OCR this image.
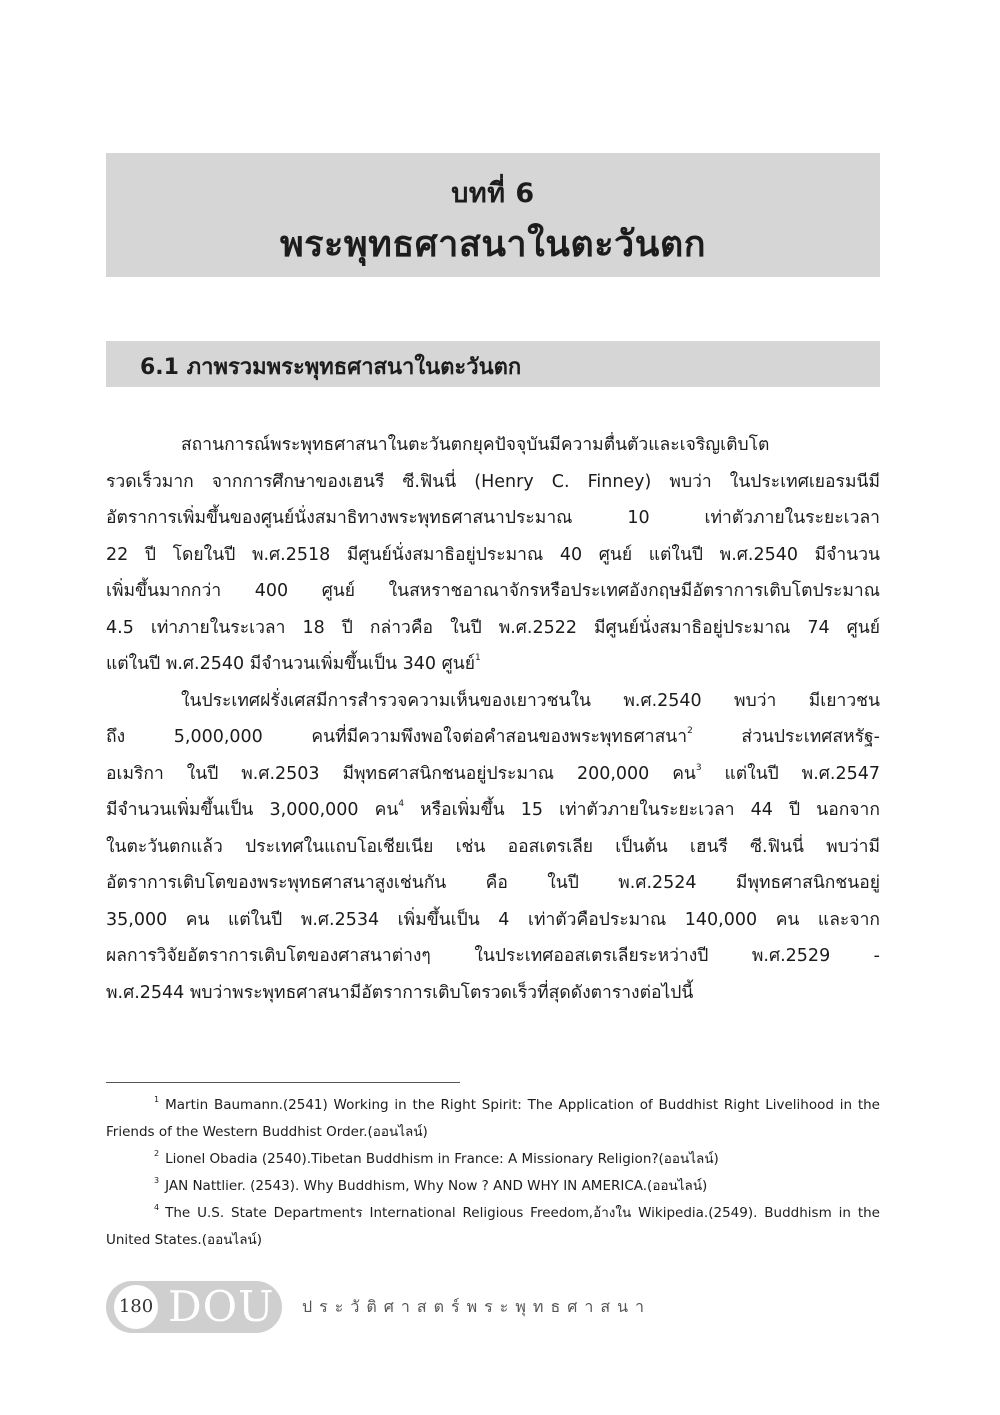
บทที่ 6
พระพุทธศาสนาในตะวันตก
6.1 ภาพรวมพระพุทธศาสนาในตะวันตก
สถานการณ์พระพุทธศาสนาในตะวันตกยุคปัจจุบันมีความตื่นตัวและเจริญเติบโต
รวดเร็วมาก จากการศึกษาของเฮนรี ซี.ฟินนี่ (Henry C. Finney) พบว่า ในประเทศเยอรมนีมี
อัตราการเพิ่มขึ้นของศูนย์นั่งสมาธิทางพระพุทธศาสนาประมาณ 10 เท่าตัวภายในระยะเวลา
22 ปี โดยในปี พ.ศ.2518 มีศูนย์นั่งสมาธิอยู่ประมาณ 40 ศูนย์ แต่ในปี พ.ศ.2540 มีจำนวน
เพิ่มขึ้นมากกว่า 400 ศูนย์ ในสหราชอาณาจักรหรือประเทศอังกฤษมีอัตราการเติบโตประมาณ
4.5 เท่าภายในระเวลา 18 ปี กล่าวคือ ในปี พ.ศ.2522 มีศูนย์นั่งสมาธิอยู่ประมาณ 74 ศูนย์
แต่ในปี พ.ศ.2540 มีจำนวนเพิ่มขึ้นเป็น 340 ศูนย์$^1$
ในประเทศฝรั่งเศสมีการสำรวจความเห็นของเยาวชนใน พ.ศ.2540 พบว่า มีเยาวชน
ถึง 5,000,000 คนที่มีความพึงพอใจต่อคำสอนของพระพุทธศาสนา$^2$ ส่วนประเทศสหรัฐ-
อเมริกา ในปี พ.ศ.2503 มีพุทธศาสนิกชนอยู่ประมาณ 200,000 คน$^3$ แต่ในปี พ.ศ.2547
มีจำนวนเพิ่มขึ้นเป็น 3,000,000 คน$^4$ หรือเพิ่มขึ้น 15 เท่าตัวภายในระยะเวลา 44 ปี นอกจาก
ในตะวันตกแล้ว ประเทศในแถบโอเชียเนีย เช่น ออสเตรเลีย เป็นต้น เฮนรี ซี.ฟินนี่ พบว่ามี
อัตราการเติบโตของพระพุทธศาสนาสูงเช่นกัน คือ ในปี พ.ศ.2524 มีพุทธศาสนิกชนอยู่
35,000 คน แต่ในปี พ.ศ.2534 เพิ่มขึ้นเป็น 4 เท่าตัวคือประมาณ 140,000 คน และจาก
ผลการวิจัยอัตราการเติบโตของศาสนาต่างๆ ในประเทศออสเตรเลียระหว่างปี พ.ศ.2529 -
พ.ศ.2544 พบว่าพระพุทธศาสนามีอัตราการเติบโตรวดเร็วที่สุดดังตารางต่อไปนี้
$^1$ Martin Baumann.(2541) Working in the Right Spirit: The Application of Buddhist Right Livelihood in the
Friends of the Western Buddhist Order.(ออนไลน์)
$^2$ Lionel Obadia (2540).Tibetan Buddhism in France: A Missionary Religion?(ออนไลน์)
$^3$ JAN Nattlier. (2543). Why Buddhism, Why Now ? AND WHY IN AMERICA.(ออนไลน์)
$^4$ The U.S. State Departmentร International Religious Freedom,อ้างใน Wikipedia.(2549). Buddhism in the
United States.(ออนไลน์)
180 DOU ประวัติศาสตร์พระพุทธศาสนา
